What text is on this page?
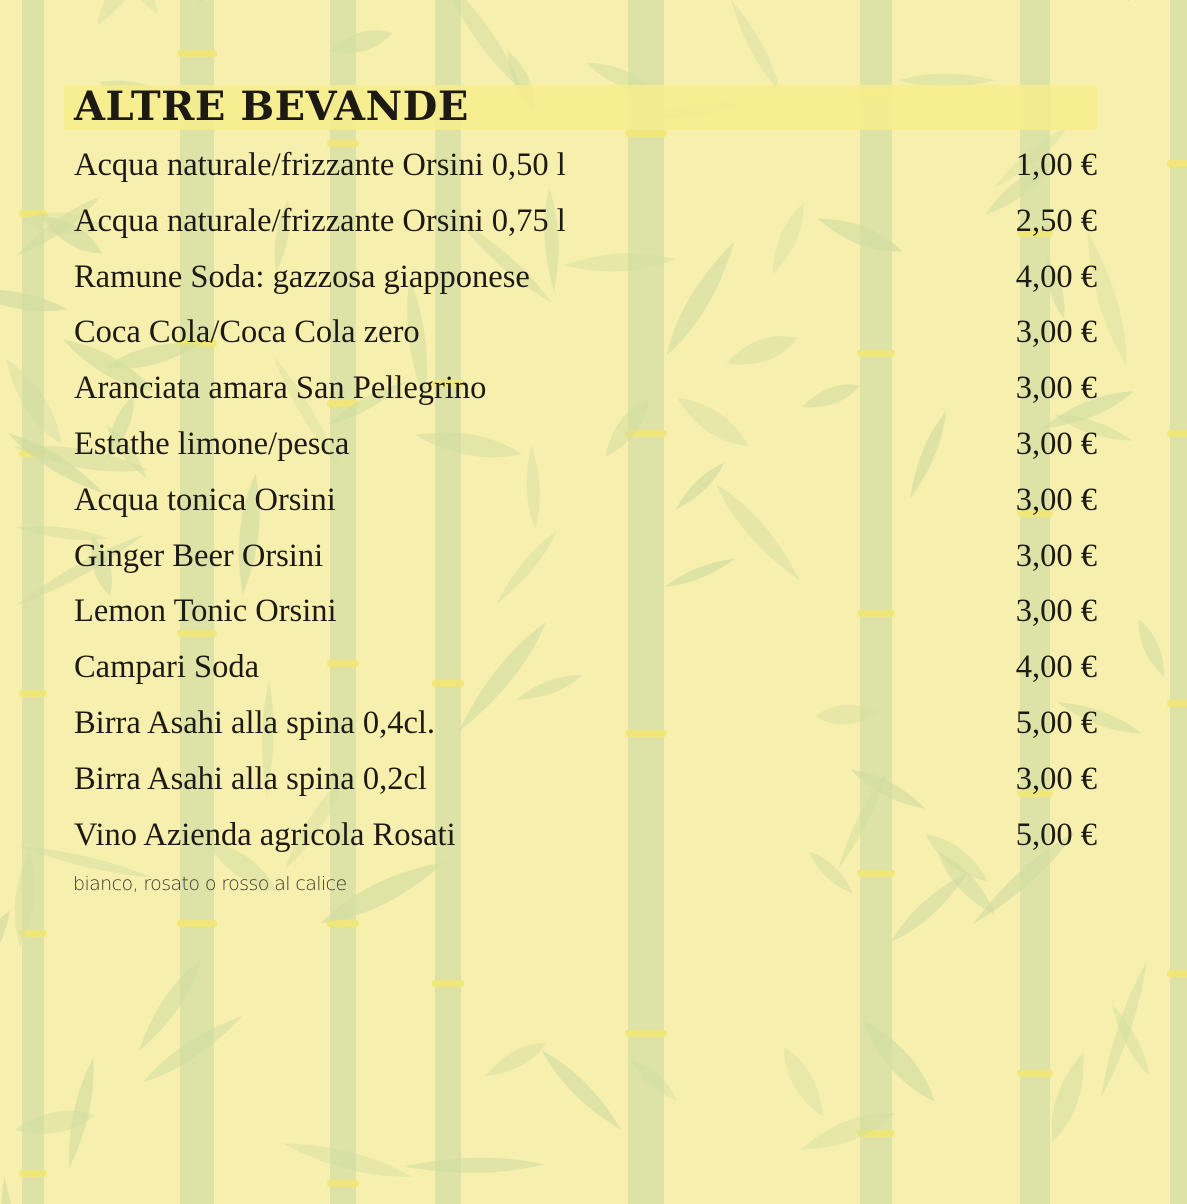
ALTRE BEVANDE
Acqua naturale/frizzante Orsini 0,50 l	1,00 €
Acqua naturale/frizzante Orsini 0,75 l	2,50 €
Ramune Soda: gazzosa giapponese	4,00 €
Coca Cola/Coca Cola zero	3,00 €
Aranciata amara San Pellegrino	3,00 €
Estathe limone/pesca	3,00 €
Acqua tonica Orsini	3,00 €
Ginger Beer Orsini	3,00 €
Lemon Tonic Orsini	3,00 €
Campari Soda	4,00 €
Birra Asahi alla spina 0,4cl.	5,00 €
Birra Asahi alla spina 0,2cl	3,00 €
Vino Azienda agricola Rosati	5,00 €

bianco, rosato o rosso al calice
